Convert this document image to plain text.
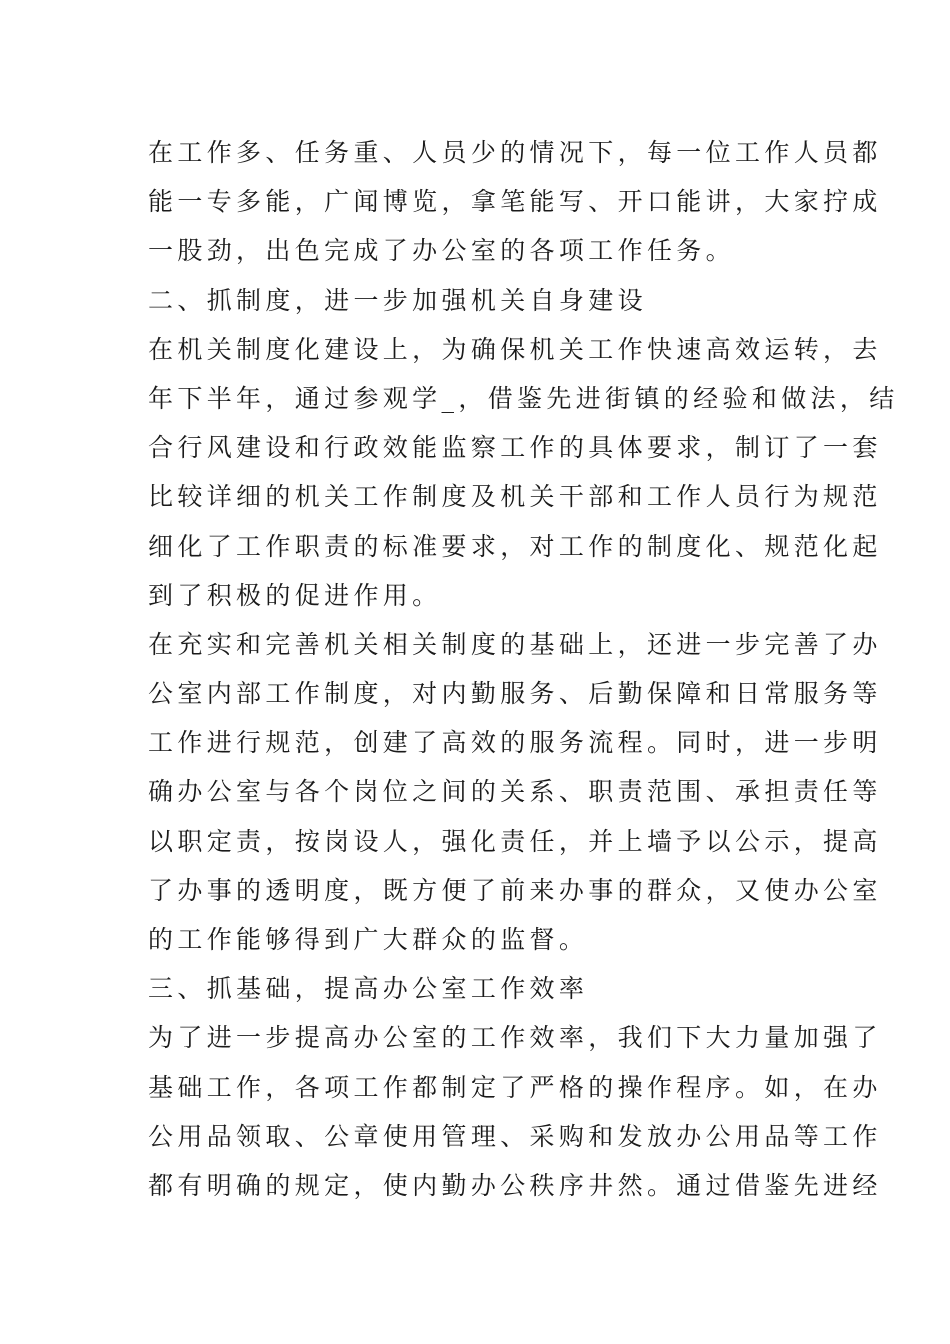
在工作多、任务重、人员少的情况下，每一位工作人员都
能一专多能，广闻博览，拿笔能写、开口能讲，大家拧成
一股劲，出色完成了办公室的各项工作任务。
二、抓制度，进一步加强机关自身建设
在机关制度化建设上，为确保机关工作快速高效运转，去
年下半年，通过参观学_，借鉴先进街镇的经验和做法，结
合行风建设和行政效能监察工作的具体要求，制订了一套
比较详细的机关工作制度及机关干部和工作人员行为规范
细化了工作职责的标准要求，对工作的制度化、规范化起
到了积极的促进作用。
在充实和完善机关相关制度的基础上，还进一步完善了办
公室内部工作制度，对内勤服务、后勤保障和日常服务等
工作进行规范，创建了高效的服务流程。同时，进一步明
确办公室与各个岗位之间的关系、职责范围、承担责任等
以职定责，按岗设人，强化责任，并上墙予以公示，提高
了办事的透明度，既方便了前来办事的群众，又使办公室
的工作能够得到广大群众的监督。
三、抓基础，提高办公室工作效率
为了进一步提高办公室的工作效率，我们下大力量加强了
基础工作，各项工作都制定了严格的操作程序。如，在办
公用品领取、公章使用管理、采购和发放办公用品等工作
都有明确的规定，使内勤办公秩序井然。通过借鉴先进经
